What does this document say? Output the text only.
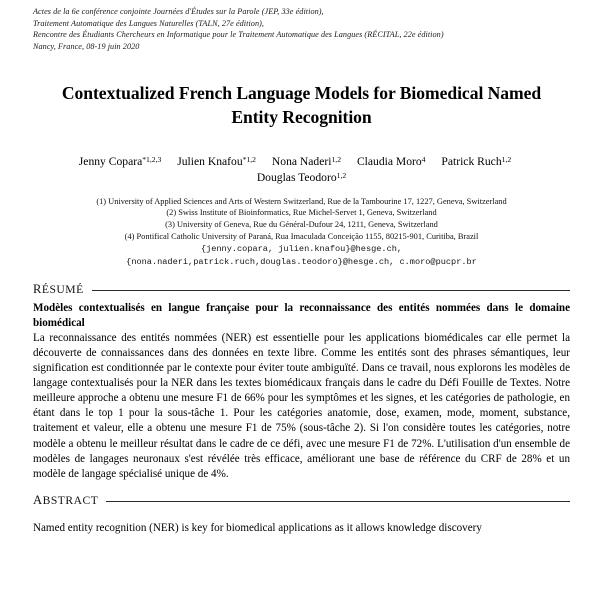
Actes de la 6e conférence conjointe Journées d'Études sur la Parole (JEP, 33e édition),
Traitement Automatique des Langues Naturelles (TALN, 27e édition),
Rencontre des Étudiants Chercheurs en Informatique pour le Traitement Automatique des Langues (RÉCITAL, 22e édition)
Nancy, France, 08-19 juin 2020
Contextualized French Language Models for Biomedical Named Entity Recognition
Jenny Copara$^{*1,2,3}$ Julien Knafou$^{*1,2}$ Nona Naderi$^{1,2}$ Claudia Moro$^4$ Patrick Ruch$^{1,2}$ Douglas Teodoro$^{1,2}$
(1) University of Applied Sciences and Arts of Western Switzerland, Rue de la Tambourine 17, 1227, Geneva, Switzerland
(2) Swiss Institute of Bioinformatics, Rue Michel-Servet 1, Geneva, Switzerland
(3) University of Geneva, Rue du Général-Dufour 24, 1211, Geneva, Switzerland
(4) Pontifical Catholic University of Paraná, Rua Imaculada Conceição 1155, 80215-901, Curitiba, Brazil
{jenny.copara, julien.knafou}@hesge.ch,
{nona.naderi,patrick.ruch,douglas.teodoro}@hesge.ch, c.moro@pucpr.br
RÉSUMÉ
Modèles contextualisés en langue française pour la reconnaissance des entités nommées dans le domaine biomédical
La reconnaissance des entités nommées (NER) est essentielle pour les applications biomédicales car elle permet la découverte de connaissances dans des données en texte libre. Comme les entités sont des phrases sémantiques, leur signification est conditionnée par le contexte pour éviter toute ambiguïté. Dans ce travail, nous explorons les modèles de langage contextualisés pour la NER dans les textes biomédicaux français dans le cadre du Défi Fouille de Textes. Notre meilleure approche a obtenu une mesure F1 de 66% pour les symptômes et les signes, et les catégories de pathologie, en étant dans le top 1 pour la sous-tâche 1. Pour les catégories anatomie, dose, examen, mode, moment, substance, traitement et valeur, elle a obtenu une mesure F1 de 75% (sous-tâche 2). Si l'on considère toutes les catégories, notre modèle a obtenu le meilleur résultat dans le cadre de ce défi, avec une mesure F1 de 72%. L'utilisation d'un ensemble de modèles de langages neuronaux s'est révélée très efficace, améliorant une base de référence du CRF de 28% et un modèle de langage spécialisé unique de 4%.
ABSTRACT
Named entity recognition (NER) is key for biomedical applications as it allows knowledge discovery
